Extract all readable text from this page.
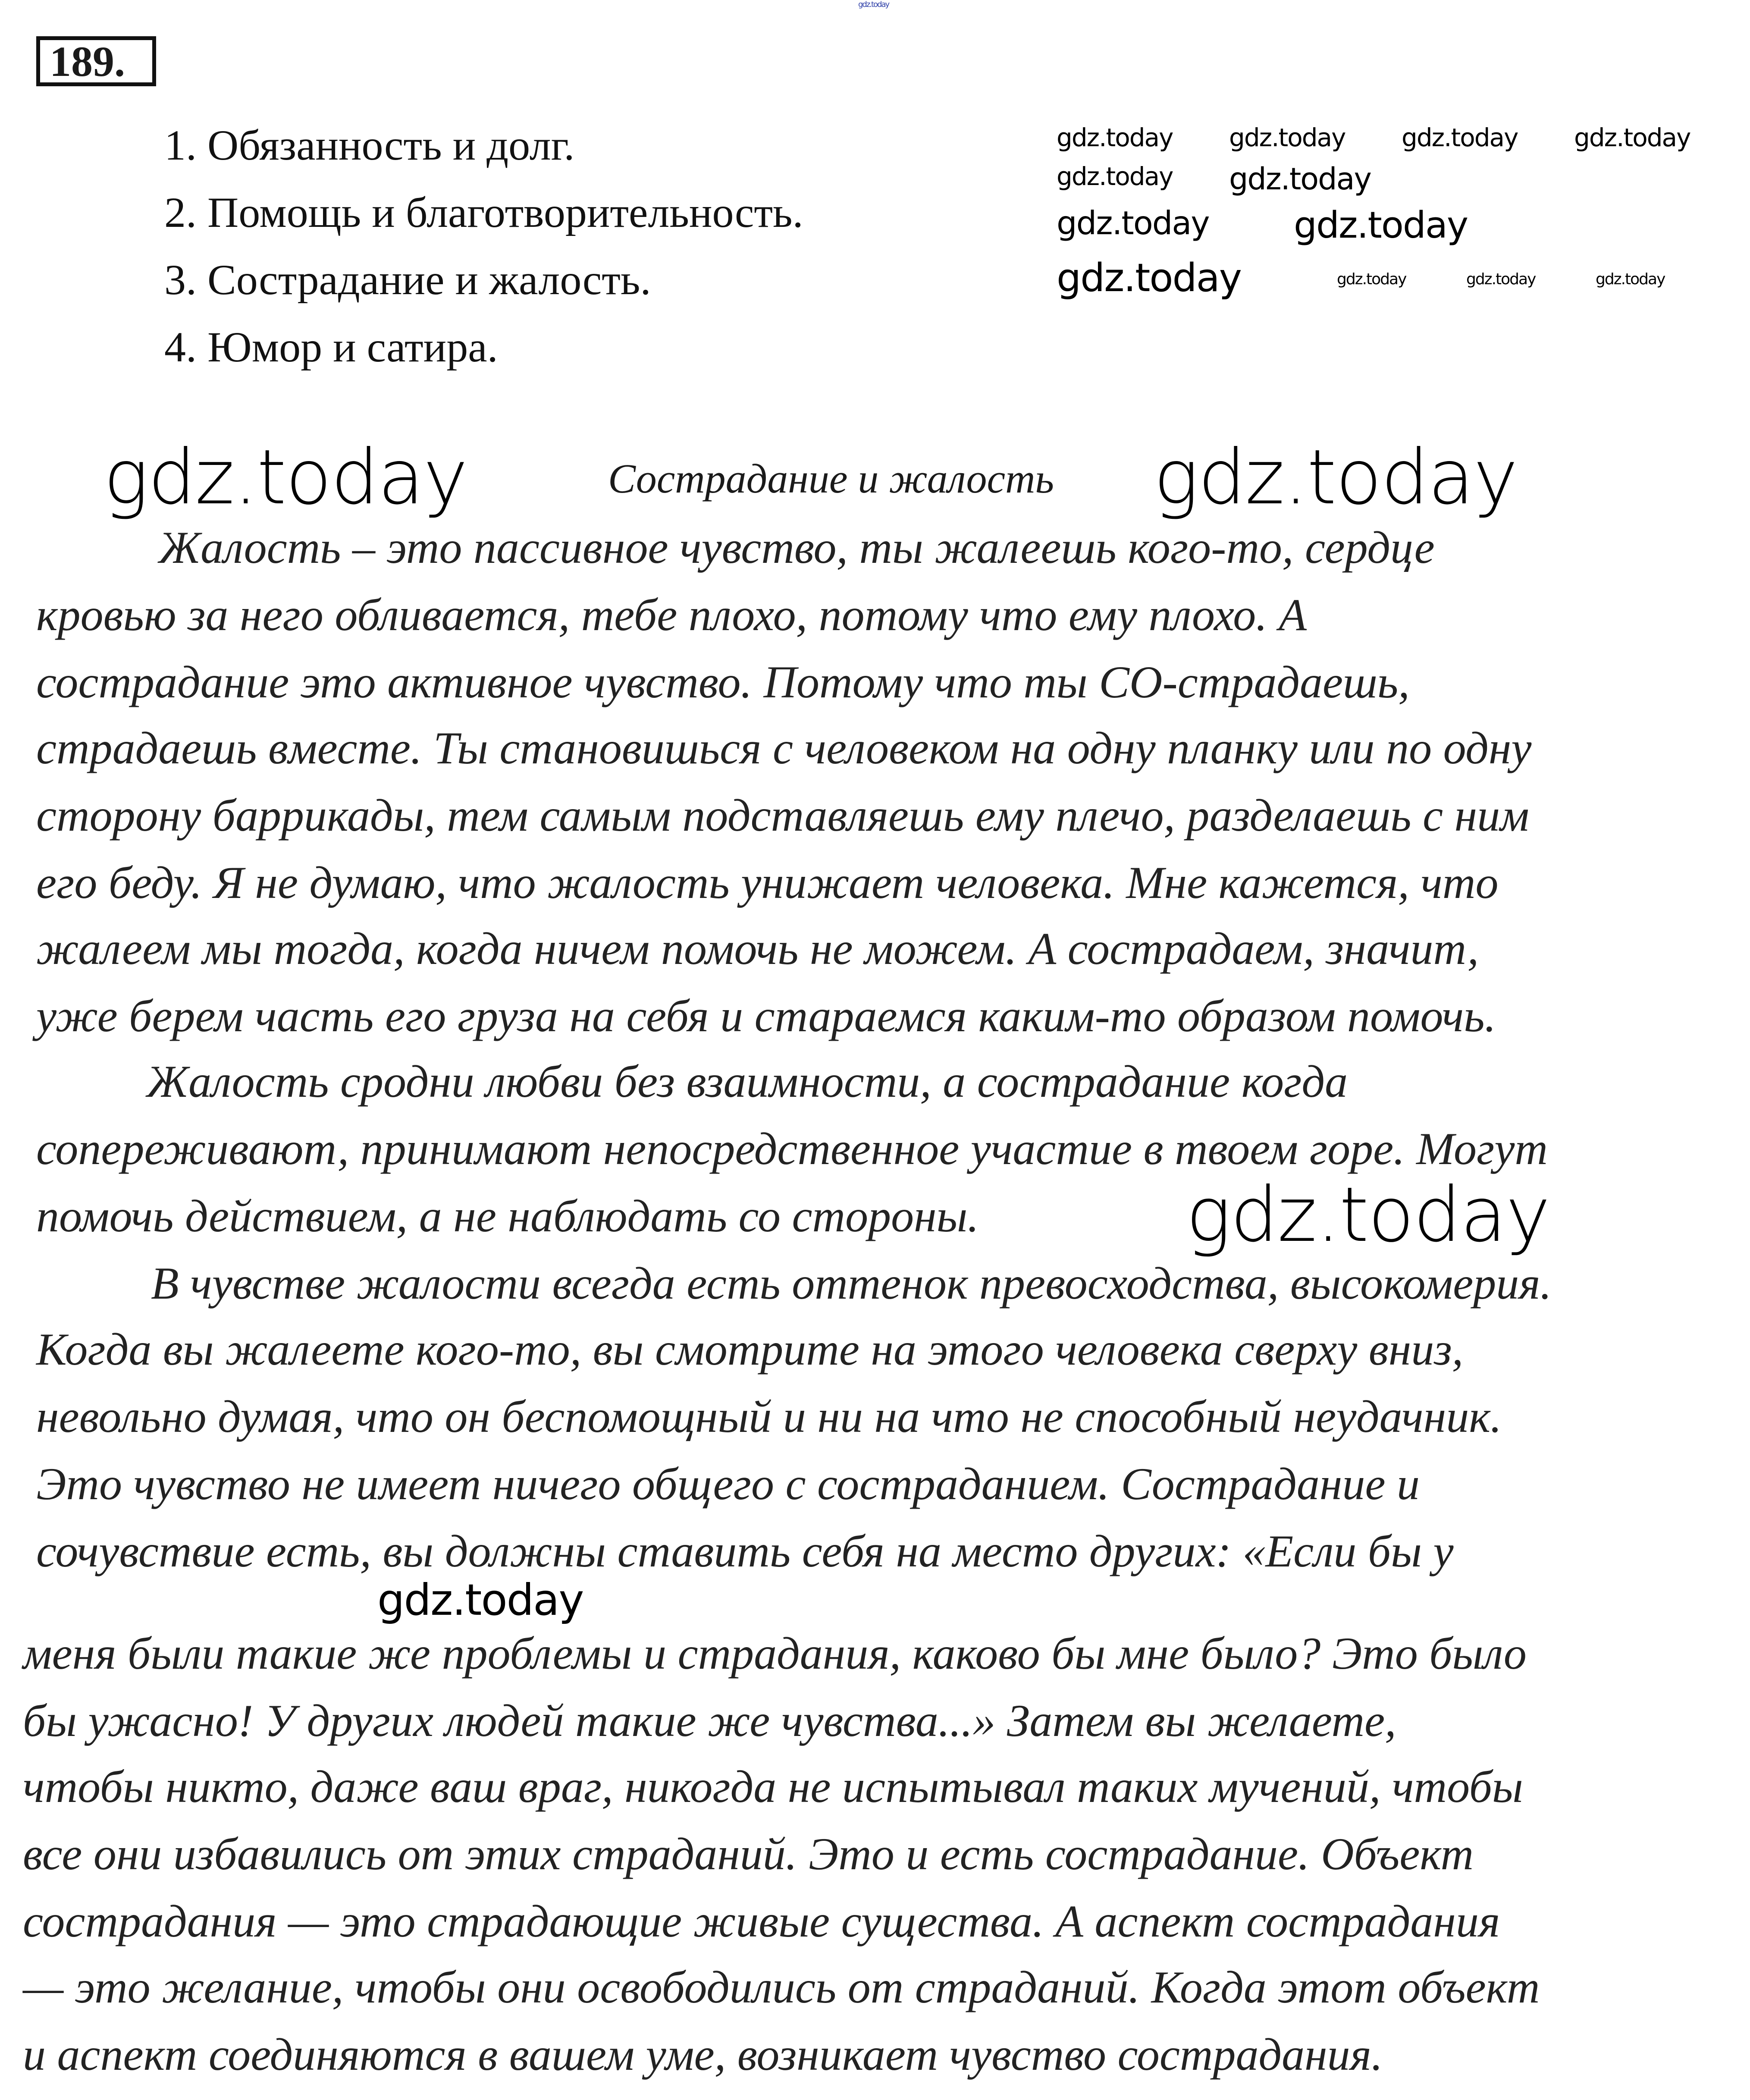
189.
1. Обязанность и долг.
2. Помощь и благотворительность.
3. Сострадание и жалость.
4. Юмор и сатира.
Сострадание и жалость
Жалость – это пассивное чувство, ты жалеешь кого-то, сердце
кровью за него обливается, тебе плохо, потому что ему плохо. А
сострадание это активное чувство. Потому что ты СО-страдаешь,
страдаешь вместе. Ты становишься с человеком на одну планку или по одну
сторону баррикады, тем самым подставляешь ему плечо, разделаешь с ним
его беду. Я не думаю, что жалость унижает человека. Мне кажется, что
жалеем мы тогда, когда ничем помочь не можем. А сострадаем, значит,
уже берем часть его груза на себя и стараемся каким-то образом помочь.
Жалость сродни любви без взаимности, а сострадание когда
сопереживают, принимают непосредственное участие в твоем горе. Могут
помочь действием, а не наблюдать со стороны.
В чувстве жалости всегда есть оттенок превосходства, высокомерия.
Когда вы жалеете кого-то, вы смотрите на этого человека сверху вниз,
невольно думая, что он беспомощный и ни на что не способный неудачник.
Это чувство не имеет ничего общего с состраданием. Сострадание и
сочувствие есть, вы должны ставить себя на место других: «Если бы у
меня были такие же проблемы и страдания, каково бы мне было? Это было
бы ужасно! У других людей такие же чувства...» Затем вы желаете,
чтобы никто, даже ваш враг, никогда не испытывал таких мучений, чтобы
все они избавились от этих страданий. Это и есть сострадание. Объект
сострадания — это страдающие живые существа. А аспект сострадания
— это желание, чтобы они освободились от страданий. Когда этот объект
и аспект соединяются в вашем уме, возникает чувство сострадания.
gdz.today
gdz.today	gdz.today
gdz.today
gdz.today
gdz.today gdz.today gdz.today gdz.today
gdz.today gdz.today
gdz.today gdz.today
gdz.today	gdz.today	gdz.today	gdz.today
